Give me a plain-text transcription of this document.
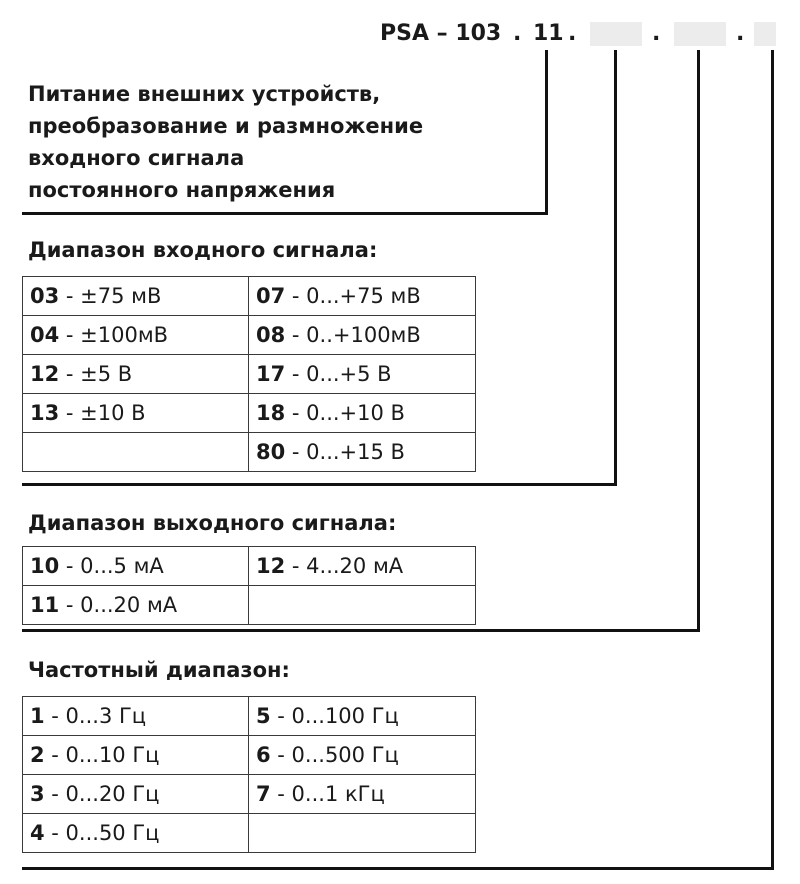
PSA – 103 . 11 .	.	.
Питание внешних устройств,
преобразование и размножение
входного сигнала
постоянного напряжения
Диапазон входного сигнала:
03 - ±75 мВ	07 - 0...+75 мВ
04 - ±100мВ	08 - 0..+100мВ
12 - ±5 В	17 - 0...+5 В
13 - ±10 В	18 - 0...+10 В
	80 - 0...+15 В
Диапазон выходного сигнала:
10 - 0...5 мА	12 - 4...20 мА
11 - 0...20 мА	
Частотный диапазон:
1 - 0...3 Гц	5 - 0...100 Гц
2 - 0...10 Гц	6 - 0...500 Гц
3 - 0...20 Гц	7 - 0...1 кГц
4 - 0...50 Гц	
